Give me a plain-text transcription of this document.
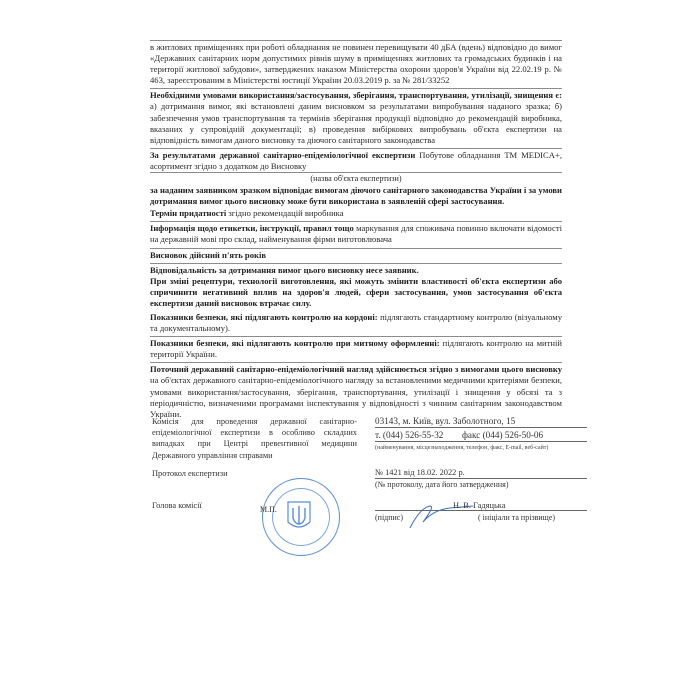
в житлових приміщеннях при роботі обладнання не повинен перевищувати 40 дБА (вдень) відповідно до вимог «Державних санітарних норм допустимих рівнів шуму в приміщеннях житлових та громадських будинків і на території житлової забудови», затверджених наказом Міністерства охорони здоров'я України від 22.02.19 р. № 463, зареєстрованим в Міністерстві юстиції України 20.03.2019 р. за № 281/33252
Необхідними умовами використання/застосування, зберігання, транспортування, утилізації, знищення є: а) дотримання вимог, які встановлені даним висновком за результатами випробування наданого зразка; б) забезпечення умов транспортування та термінів зберігання продукції відповідно до рекомендацій виробника, вказаних у супровідній документації; в) проведення вибіркових випробувань об'єкта експертизи на відповідність вимогам даного висновку та діючого санітарного законодавства
За результатами державної санітарно-епідеміологічної експертизи Побутове обладнання ТМ MEDICA+, асортимент згідно з додатком до Висновку
(назва об'єкта експертизи)
за наданим заявником зразком відповідає вимогам діючого санітарного законодавства України і за умови дотримання вимог цього висновку може бути використана в заявленій сфері застосування.
Термін придатності згідно рекомендацій виробника
Інформація щодо етикетки, інструкції, правил тощо маркування для споживача повинно включати відомості на державній мові про склад, найменування фірми виготовлювача
Висновок дійсний п'ять років
Відповідальність за дотримання вимог цього висновку несе заявник.
При зміні рецептури, технології виготовлення, які можуть змінити властивості об'єкта експертизи або спричинити негативний вплив на здоров'я людей, сфери застосування, умов застосування об'єкта експертизи даний висновок втрачає силу.
Показники безпеки, які підлягають контролю на кордоні: підлягають стандартному контролю (візуальному та документальному).
Показники безпеки, які підлягають контролю при митному оформленні: підлягають контролю на митній території України.
Поточний державний санітарно-епідеміологічний нагляд здійснюється згідно з вимогами цього висновку на об'єктах державного санітарно-епідеміологічного нагляду за встановленими медичними критеріями безпеки, умовами використання/застосування, зберігання, транспортування, утилізації і знищення у обсязі та з періодичністю, визначеними програмами інспектування у відповідності з чинним санітарним законодавством України.
Комісія для проведення державної санітарно-епідеміологічної експертизи в особливо складних випадках при Центрі превентивної медицини Державного управління справами
03143, м. Київ, вул. Заболотного, 15
т. (044) 526-55-32 факс (044) 526-50-06
(найменування, місцезнаходження, телефон, факс, E-mail, веб-сайт)
Протокол експертизи	№ 1421 від 18.02. 2022 р.
(№ протоколу, дата його затвердження)
Голова комісії	М.П.	Н. В. Гадяцька
(підпис)	( ініціали та прізвище)
